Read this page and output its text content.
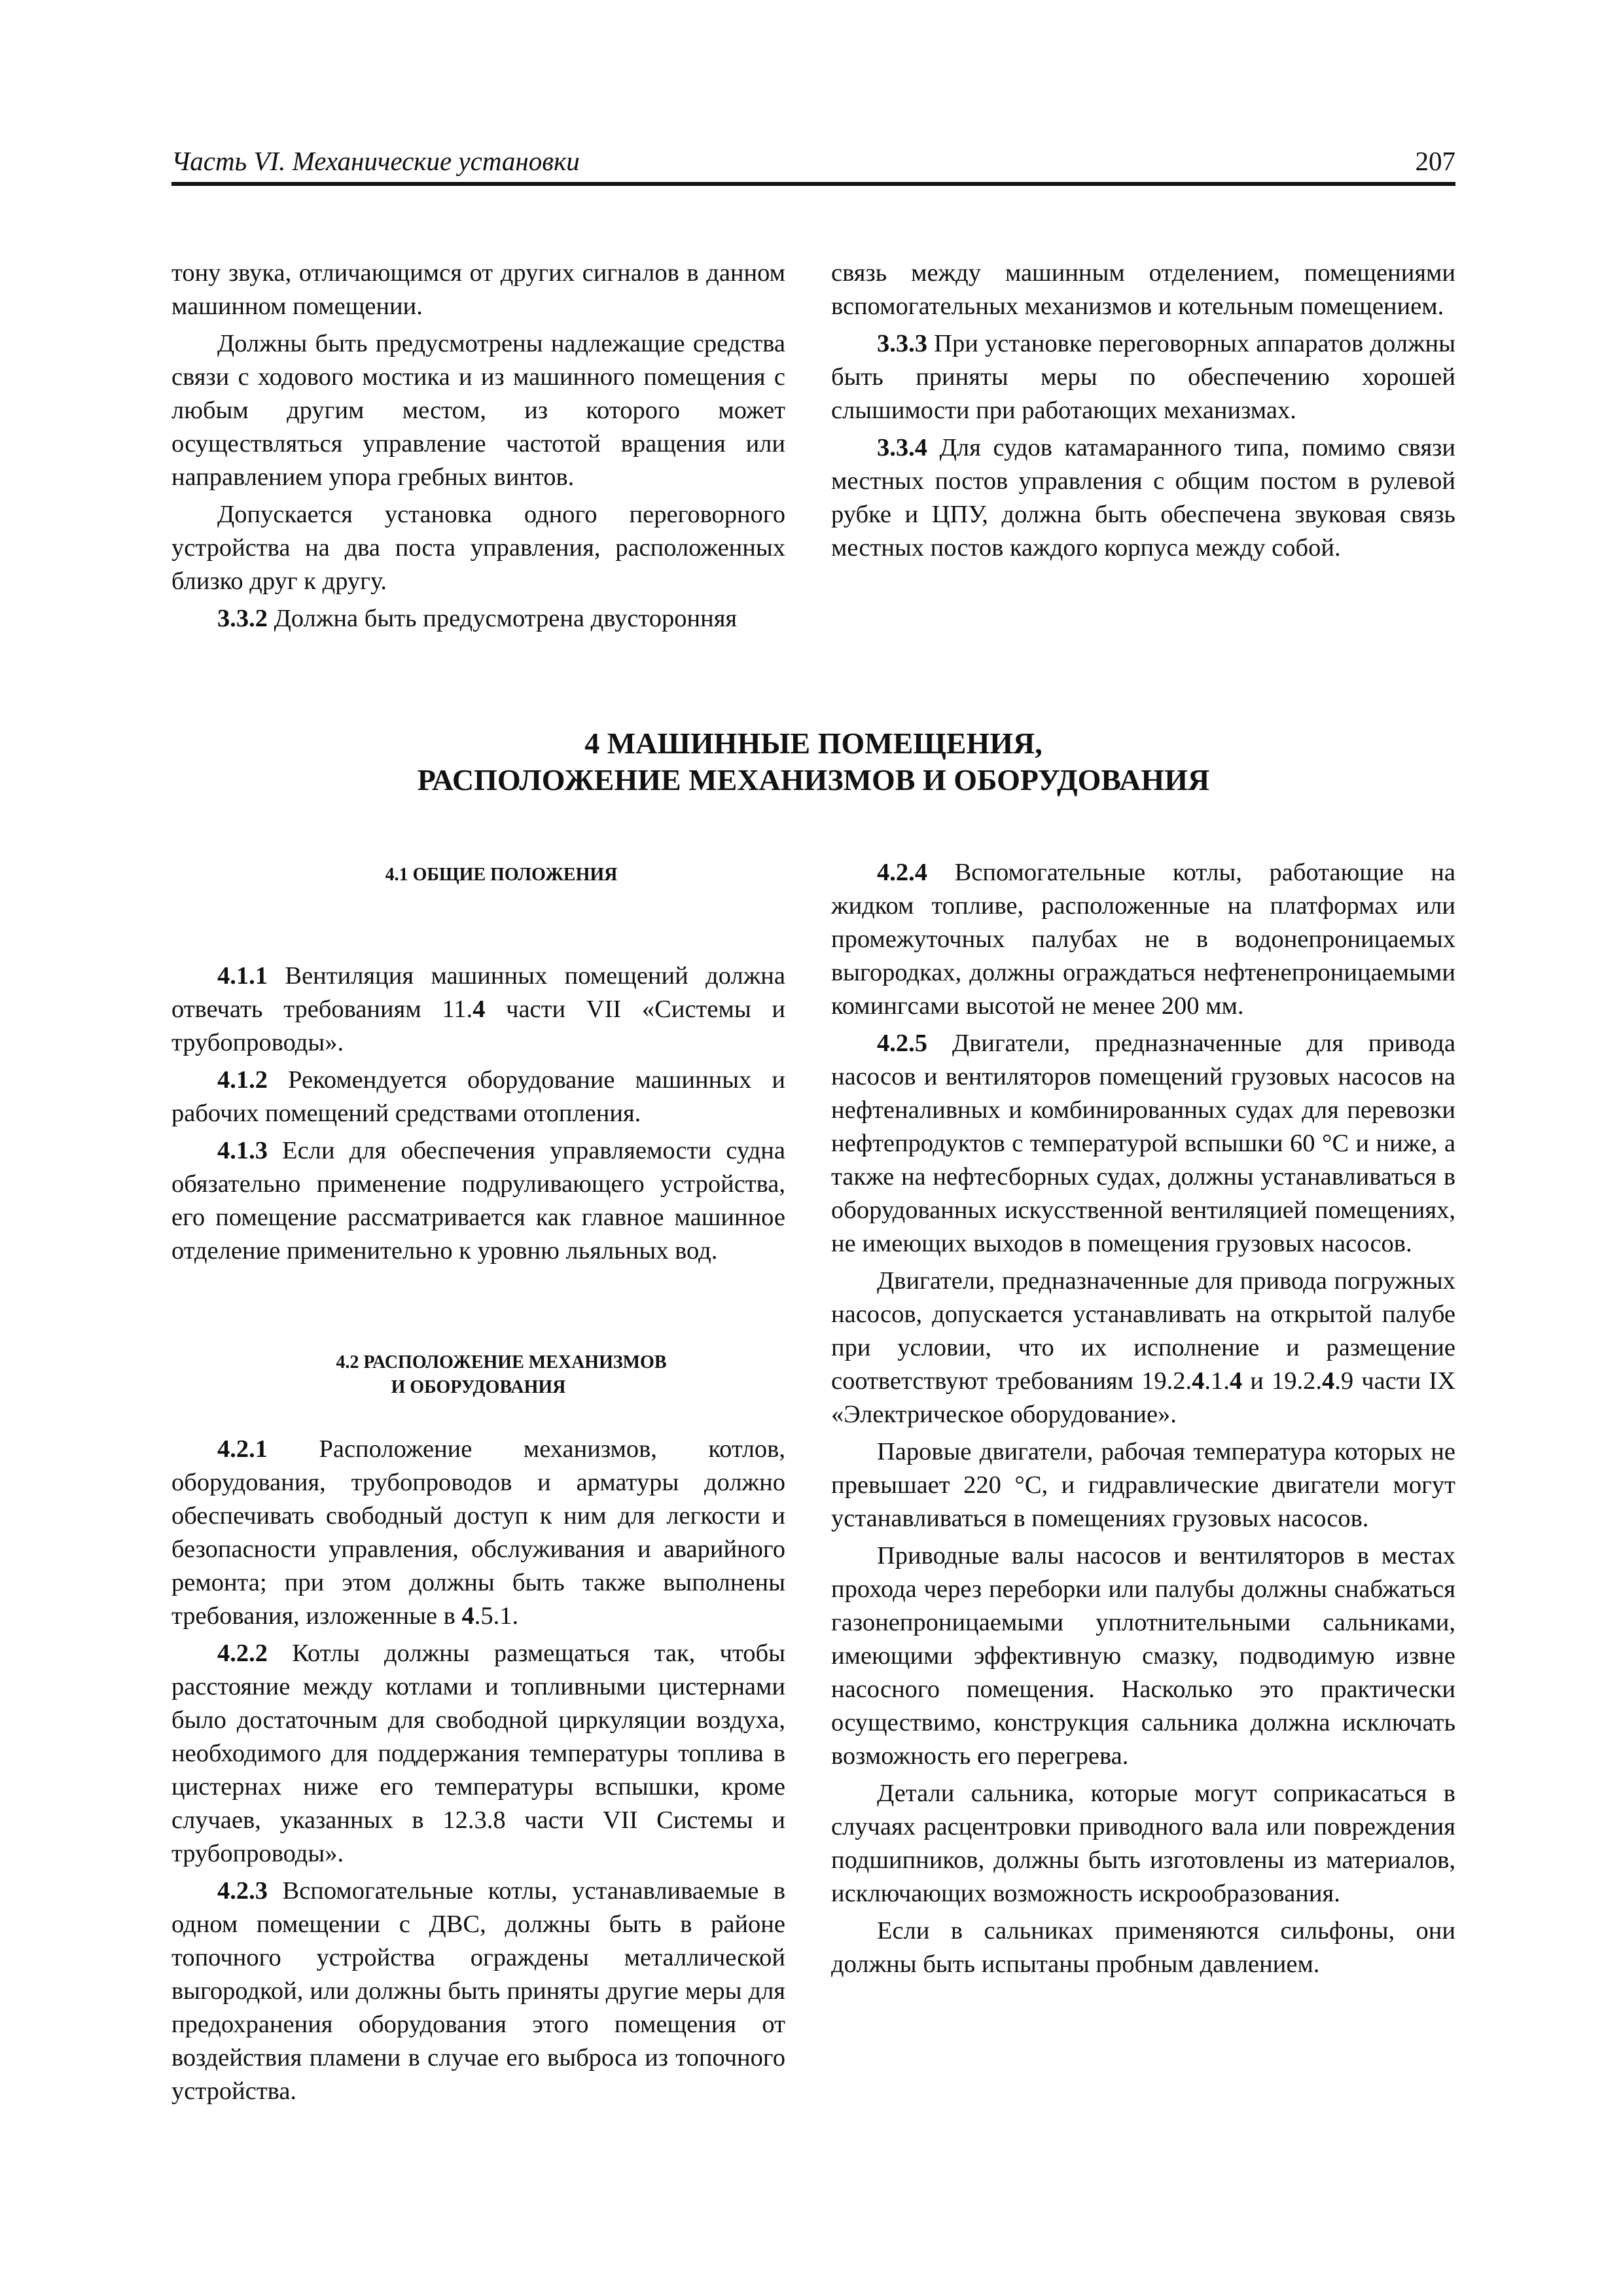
Часть VI. Механические установки	207

тону звука, отличающимся от других сигналов в данном машинном помещении.

Должны быть предусмотрены надлежащие средства связи с ходового мостика и из машинного помещения с любым другим местом, из которого может осуществляться управление частотой вращения или направлением упора гребных винтов.

Допускается установка одного переговорного устройства на два поста управления, расположенных близко друг к другу.

3.3.2 Должна быть предусмотрена двусторонняя

связь между машинным отделением, помещениями вспомогательных механизмов и котельным помещением.

3.3.3 При установке переговорных аппаратов должны быть приняты меры по обеспечению хорошей слышимости при работающих механизмах.

3.3.4 Для судов катамаранного типа, помимо связи местных постов управления с общим постом в рулевой рубке и ЦПУ, должна быть обеспечена звуковая связь местных постов каждого корпуса между собой.

4 МАШИННЫЕ ПОМЕЩЕНИЯ,
РАСПОЛОЖЕНИЕ МЕХАНИЗМОВ И ОБОРУДОВАНИЯ

4.1 ОБЩИЕ ПОЛОЖЕНИЯ

4.1.1 Вентиляция машинных помещений должна отвечать требованиям 11.4 части VII «Системы и трубопроводы».

4.1.2 Рекомендуется оборудование машинных и рабочих помещений средствами отопления.

4.1.3 Если для обеспечения управляемости судна обязательно применение подруливающего устройства, его помещение рассматривается как главное машинное отделение применительно к уровню льяльных вод.

4.2 РАСПОЛОЖЕНИЕ МЕХАНИЗМОВ
И ОБОРУДОВАНИЯ

4.2.1 Расположение механизмов, котлов, оборудования, трубопроводов и арматуры должно обеспечивать свободный доступ к ним для легкости и безопасности управления, обслуживания и аварийного ремонта; при этом должны быть также выполнены требования, изложенные в 4.5.1.

4.2.2 Котлы должны размещаться так, чтобы расстояние между котлами и топливными цистернами было достаточным для свободной циркуляции воздуха, необходимого для поддержания температуры топлива в цистернах ниже его температуры вспышки, кроме случаев, указанных в 12.3.8 части VII Системы и трубопроводы».

4.2.3 Вспомогательные котлы, устанавливаемые в одном помещении с ДВС, должны быть в районе топочного устройства ограждены металлической выгородкой, или должны быть приняты другие меры для предохранения оборудования этого помещения от воздействия пламени в случае его выброса из топочного устройства.

4.2.4 Вспомогательные котлы, работающие на жидком топливе, расположенные на платформах или промежуточных палубах не в водонепроницаемых выгородках, должны ограждаться нефтенепроницаемыми комингсами высотой не менее 200 мм.

4.2.5 Двигатели, предназначенные для привода насосов и вентиляторов помещений грузовых насосов на нефтеналивных и комбинированных судах для перевозки нефтепродуктов с температурой вспышки 60 °С и ниже, а также на нефтесборных судах, должны устанавливаться в оборудованных искусственной вентиляцией помещениях, не имеющих выходов в помещения грузовых насосов.

Двигатели, предназначенные для привода погружных насосов, допускается устанавливать на открытой палубе при условии, что их исполнение и размещение соответствуют требованиям 19.2.4.1.4 и 19.2.4.9 части IX «Электрическое оборудование».

Паровые двигатели, рабочая температура которых не превышает 220 °С, и гидравлические двигатели могут устанавливаться в помещениях грузовых насосов.

Приводные валы насосов и вентиляторов в местах прохода через переборки или палубы должны снабжаться газонепроницаемыми уплотнительными сальниками, имеющими эффективную смазку, подводимую извне насосного помещения. Насколько это практически осуществимо, конструкция сальника должна исключать возможность его перегрева.

Детали сальника, которые могут соприкасаться в случаях расцентровки приводного вала или повреждения подшипников, должны быть изготовлены из материалов, исключающих возможность искрообразования.

Если в сальниках применяются сильфоны, они должны быть испытаны пробным давлением.
